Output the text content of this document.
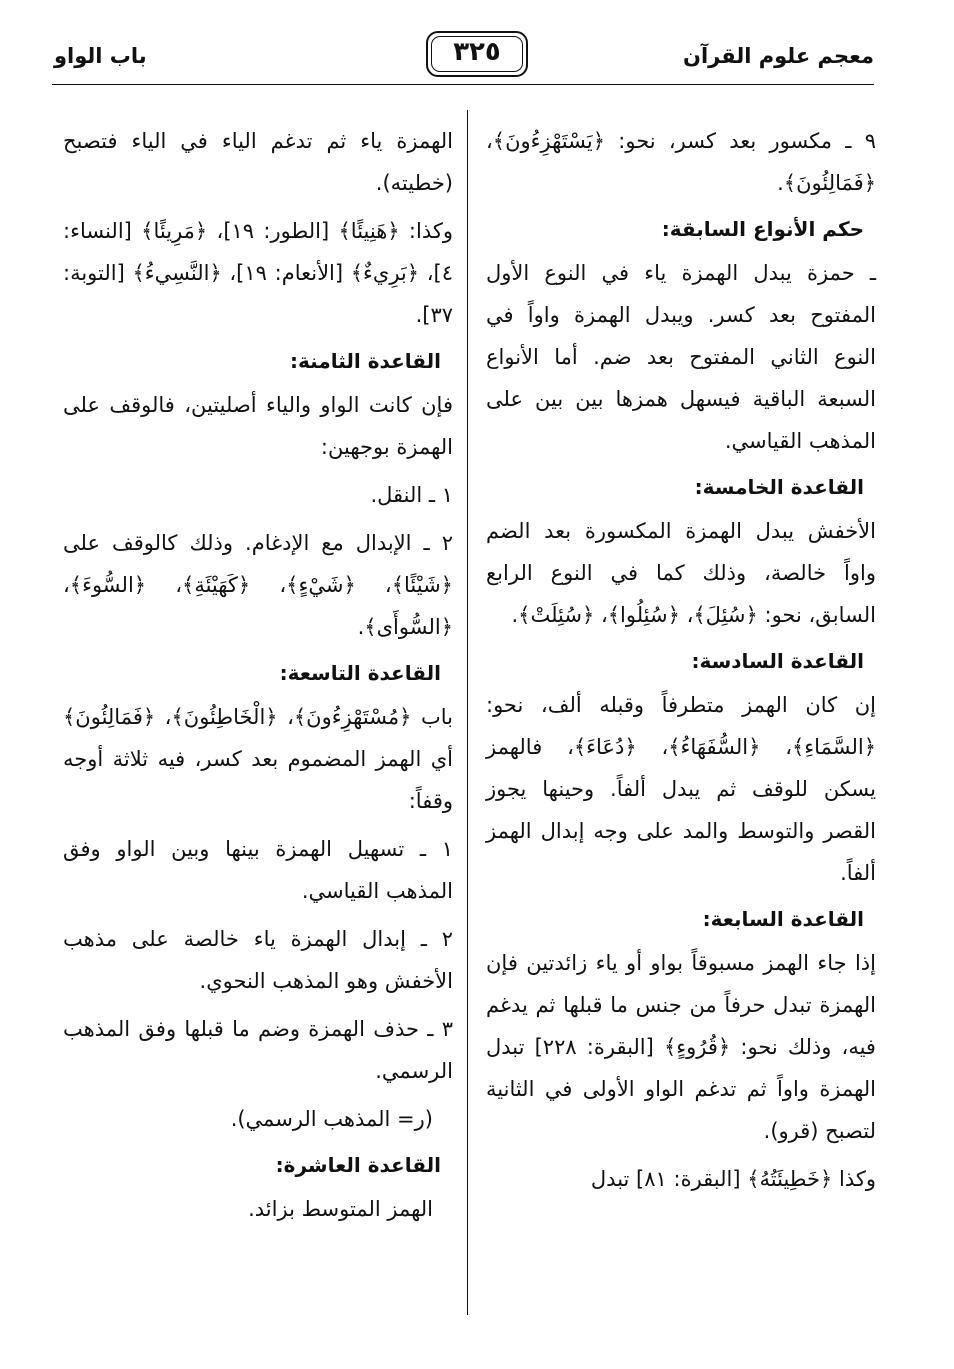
معجم علوم القرآن
٣٢٥
باب الواو
٩ ـ مكسور بعد كسر، نحو: ﴿يَسْتَهْزِءُونَ﴾، ﴿فَمَالِئُونَ﴾.
حكم الأنواع السابقة:
ـ حمزة يبدل الهمزة ياء في النوع الأول المفتوح بعد كسر. ويبدل الهمزة واواً في النوع الثاني المفتوح بعد ضم. أما الأنواع السبعة الباقية فيسهل همزها بين بين على المذهب القياسي.
القاعدة الخامسة:
الأخفش يبدل الهمزة المكسورة بعد الضم واواً خالصة، وذلك كما في النوع الرابع السابق، نحو: ﴿سُئِلَ﴾، ﴿سُئِلُوا﴾، ﴿سُئِلَتْ﴾.
القاعدة السادسة:
إن كان الهمز متطرفاً وقبله ألف، نحو: ﴿السَّمَاءِ﴾، ﴿السُّفَهَاءُ﴾، ﴿دُعَاءَ﴾، فالهمز يسكن للوقف ثم يبدل ألفاً. وحينها يجوز القصر والتوسط والمد على وجه إبدال الهمز ألفاً.
القاعدة السابعة:
إذا جاء الهمز مسبوقاً بواو أو ياء زائدتين فإن الهمزة تبدل حرفاً من جنس ما قبلها ثم يدغم فيه، وذلك نحو: ﴿قُرُوءٍ﴾ [البقرة: ٢٢٨] تبدل الهمزة واواً ثم تدغم الواو الأولى في الثانية لتصبح (قرو).
وكذا ﴿خَطِيئَتُهُ﴾ [البقرة: ٨١] تبدل
الهمزة ياء ثم تدغم الياء في الياء فتصبح (خطيته).
وكذا: ﴿هَنِيئًا﴾ [الطور: ١٩]، ﴿مَرِيئًا﴾ [النساء: ٤]، ﴿بَرِيءٌ﴾ [الأنعام: ١٩]، ﴿النَّسِيءُ﴾ [التوبة: ٣٧].
القاعدة الثامنة:
فإن كانت الواو والياء أصليتين، فالوقف على الهمزة بوجهين:
١ ـ النقل.
٢ ـ الإبدال مع الإدغام. وذلك كالوقف على ﴿شَيْئًا﴾، ﴿شَيْءٍ﴾، ﴿كَهَيْئَةِ﴾، ﴿السُّوءَ﴾، ﴿السُّوأَى﴾.
القاعدة التاسعة:
باب ﴿مُسْتَهْزِءُونَ﴾، ﴿الْخَاطِئُونَ﴾، ﴿فَمَالِئُونَ﴾ أي الهمز المضموم بعد كسر، فيه ثلاثة أوجه وقفاً:
١ ـ تسهيل الهمزة بينها وبين الواو وفق المذهب القياسي.
٢ ـ إبدال الهمزة ياء خالصة على مذهب الأخفش وهو المذهب النحوي.
٣ ـ حذف الهمزة وضم ما قبلها وفق المذهب الرسمي.
(ر= المذهب الرسمي).
القاعدة العاشرة:
الهمز المتوسط بزائد.
